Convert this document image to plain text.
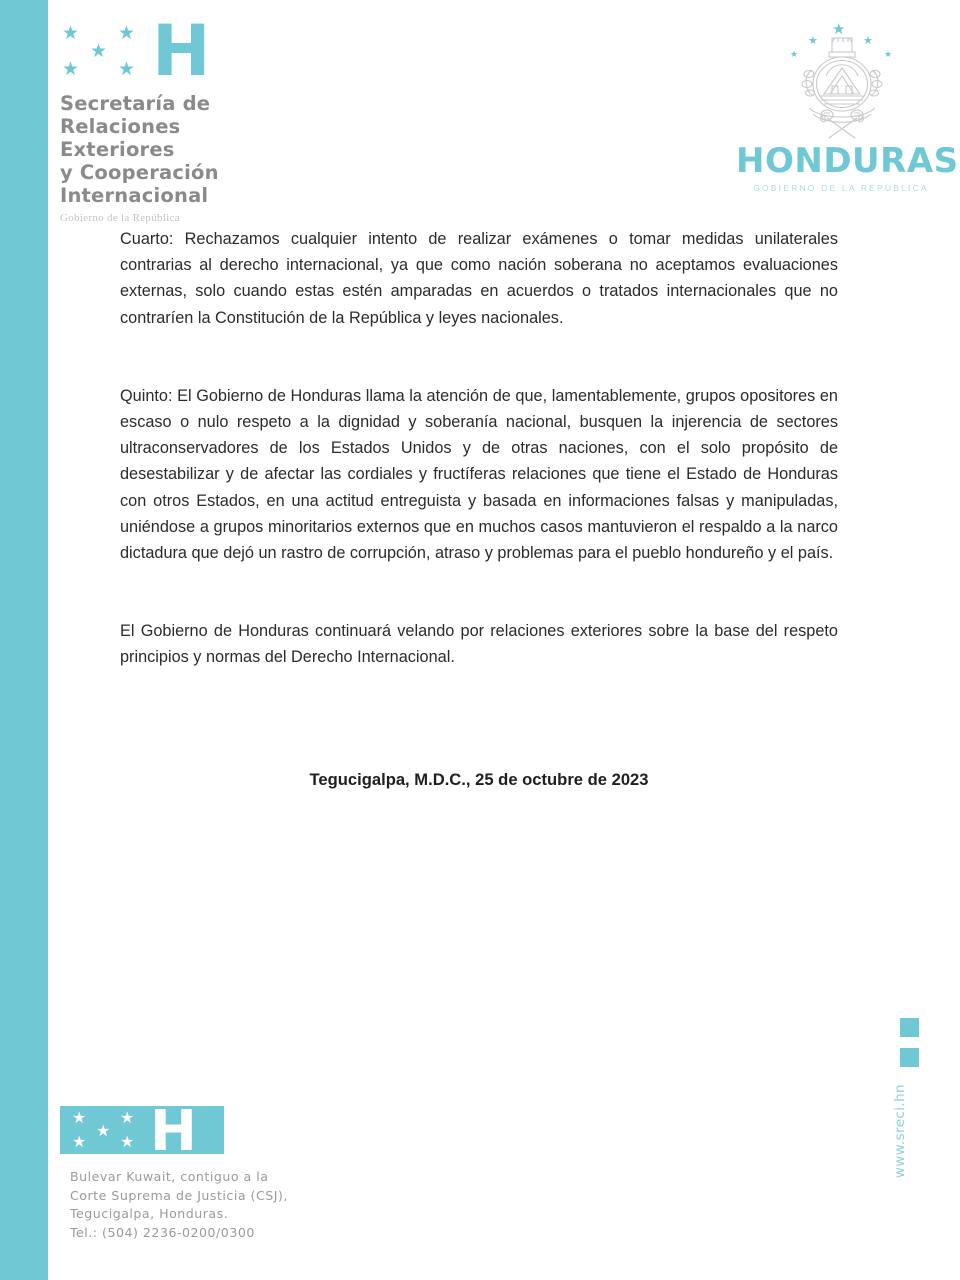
★ ★
★
★ ★ H
Secretaría de
Relaciones
Exteriores
y Cooperación
Internacional
Gobierno de la República
★
★
★
★
★
HONDURAS
GOBIERNO DE LA REPÚBLICA

Cuarto: Rechazamos cualquier intento de realizar exámenes o tomar medidas unilaterales contrarias al derecho internacional, ya que como nación soberana no aceptamos evaluaciones externas, solo cuando estas estén amparadas en acuerdos o tratados internacionales que no contraríen la Constitución de la República y leyes nacionales.

Quinto: El Gobierno de Honduras llama la atención de que, lamentablemente, grupos opositores en escaso o nulo respeto a la dignidad y soberanía nacional, busquen la injerencia de sectores ultraconservadores de los Estados Unidos y de otras naciones, con el solo propósito de desestabilizar y de afectar las cordiales y fructíferas relaciones que tiene el Estado de Honduras con otros Estados, en una actitud entreguista y basada en informaciones falsas y manipuladas, uniéndose a grupos minoritarios externos que en muchos casos mantuvieron el respaldo a la narco dictadura que dejó un rastro de corrupción, atraso y problemas para el pueblo hondureño y el país.

El Gobierno de Honduras continuará velando por relaciones exteriores sobre la base del respeto principios y normas del Derecho Internacional.

Tegucigalpa, M.D.C., 25 de octubre de 2023
★ ★
★
★ ★ H
Bulevar Kuwait, contiguo a la
Corte Suprema de Justicia (CSJ),
Tegucigalpa, Honduras.
Tel.: (504) 2236-0200/0300
www.sreci.hn
